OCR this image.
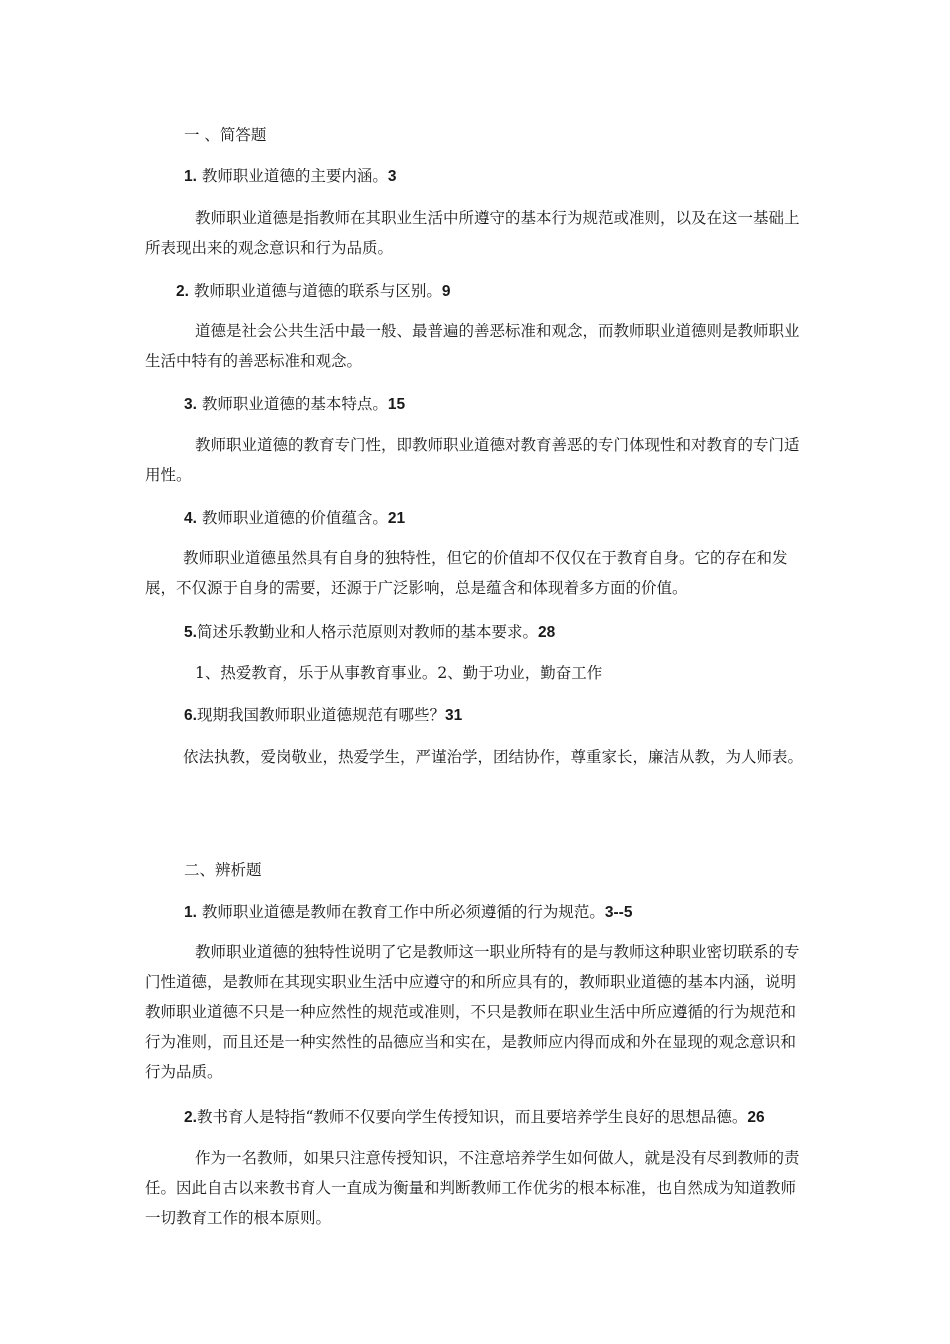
一 、简答题

1. 教师职业道德的主要内涵。3

教师职业道德是指教师在其职业生活中所遵守的基本行为规范或准则，以及在这一基础上所表现出来的观念意识和行为品质。

2. 教师职业道德与道德的联系与区别。9

道德是社会公共生活中最一般、最普遍的善恶标准和观念，而教师职业道德则是教师职业生活中特有的善恶标准和观念。

3. 教师职业道德的基本特点。15

教师职业道德的教育专门性，即教师职业道德对教育善恶的专门体现性和对教育的专门适用性。

4. 教师职业道德的价值蕴含。21

教师职业道德虽然具有自身的独特性，但它的价值却不仅仅在于教育自身。它的存在和发展，不仅源于自身的需要，还源于广泛影响，总是蕴含和体现着多方面的价值。

5.简述乐教勤业和人格示范原则对教师的基本要求。28

1、热爱教育，乐于从事教育事业。2、勤于功业，勤奋工作

6.现期我国教师职业道德规范有哪些？31

依法执教，爱岗敬业，热爱学生，严谨治学，团结协作，尊重家长，廉洁从教，为人师表。

二、辨析题

1. 教师职业道德是教师在教育工作中所必须遵循的行为规范。3--5

教师职业道德的独特性说明了它是教师这一职业所特有的是与教师这种职业密切联系的专门性道德，是教师在其现实职业生活中应遵守的和所应具有的，教师职业道德的基本内涵，说明教师职业道德不只是一种应然性的规范或准则，不只是教师在职业生活中所应遵循的行为规范和行为准则，而且还是一种实然性的品德应当和实在，是教师应内得而成和外在显现的观念意识和行为品质。

2.教书育人是特指“教师不仅要向学生传授知识，而且要培养学生良好的思想品德。26

作为一名教师，如果只注意传授知识，不注意培养学生如何做人，就是没有尽到教师的责任。因此自古以来教书育人一直成为衡量和判断教师工作优劣的根本标准，也自然成为知道教师一切教育工作的根本原则。
